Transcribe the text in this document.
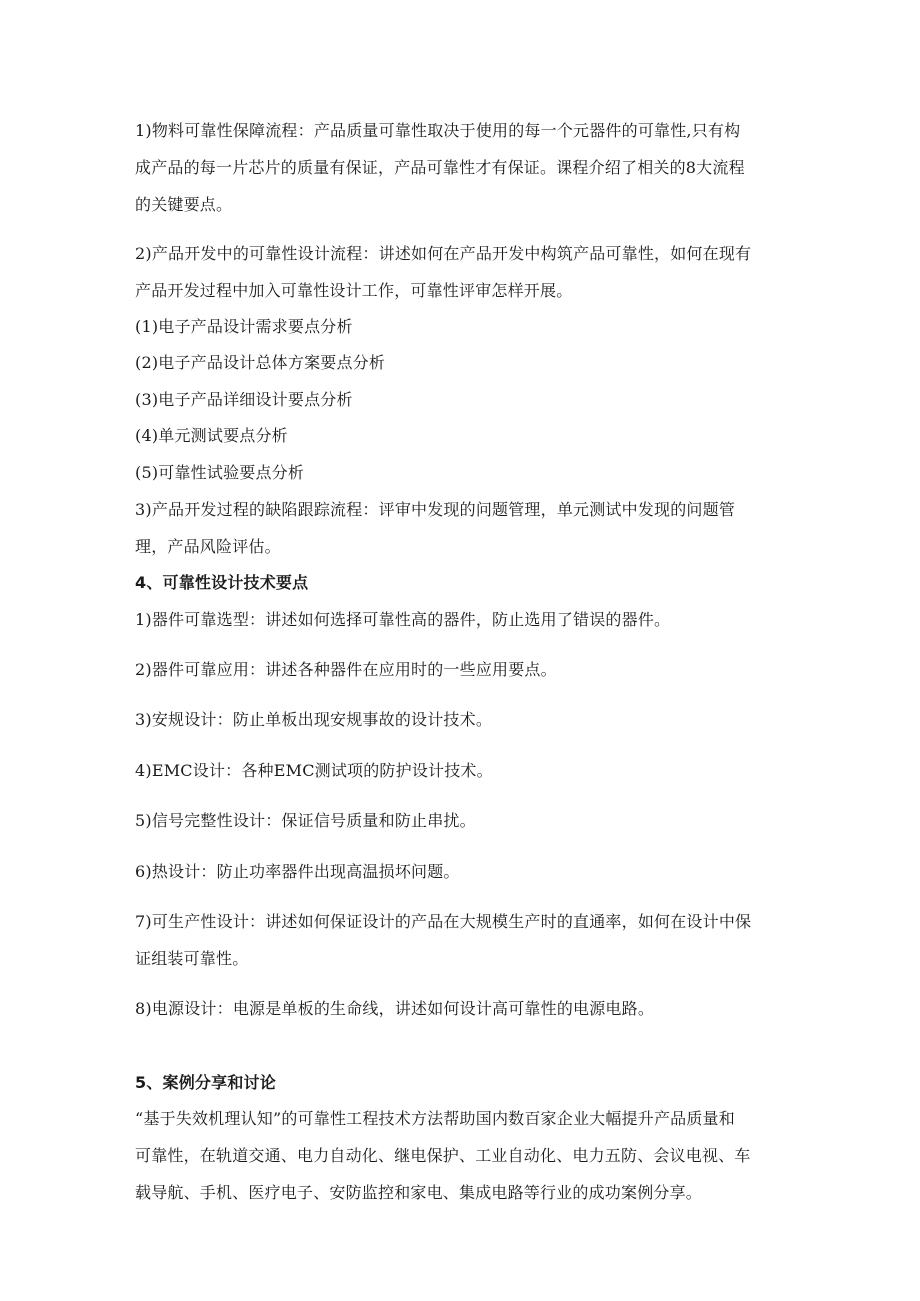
1)物料可靠性保障流程：产品质量可靠性取决于使用的每一个元器件的可靠性,只有构

成产品的每一片芯片的质量有保证，产品可靠性才有保证。课程介绍了相关的8大流程

的关键要点。

2)产品开发中的可靠性设计流程：讲述如何在产品开发中构筑产品可靠性，如何在现有

产品开发过程中加入可靠性设计工作，可靠性评审怎样开展。

(1)电子产品设计需求要点分析

(2)电子产品设计总体方案要点分析

(3)电子产品详细设计要点分析

(4)单元测试要点分析

(5)可靠性试验要点分析

3)产品开发过程的缺陷跟踪流程：评审中发现的问题管理，单元测试中发现的问题管

理，产品风险评估。

4、可靠性设计技术要点

1)器件可靠选型：讲述如何选择可靠性高的器件，防止选用了错误的器件。

2)器件可靠应用：讲述各种器件在应用时的一些应用要点。

3)安规设计：防止单板出现安规事故的设计技术。

4)EMC设计：各种EMC测试项的防护设计技术。

5)信号完整性设计：保证信号质量和防止串扰。

6)热设计：防止功率器件出现高温损坏问题。

7)可生产性设计：讲述如何保证设计的产品在大规模生产时的直通率，如何在设计中保

证组装可靠性。

8)电源设计：电源是单板的生命线，讲述如何设计高可靠性的电源电路。

5、案例分享和讨论

“基于失效机理认知”的可靠性工程技术方法帮助国内数百家企业大幅提升产品质量和

可靠性，在轨道交通、电力自动化、继电保护、工业自动化、电力五防、会议电视、车

载导航、手机、医疗电子、安防监控和家电、集成电路等行业的成功案例分享。
